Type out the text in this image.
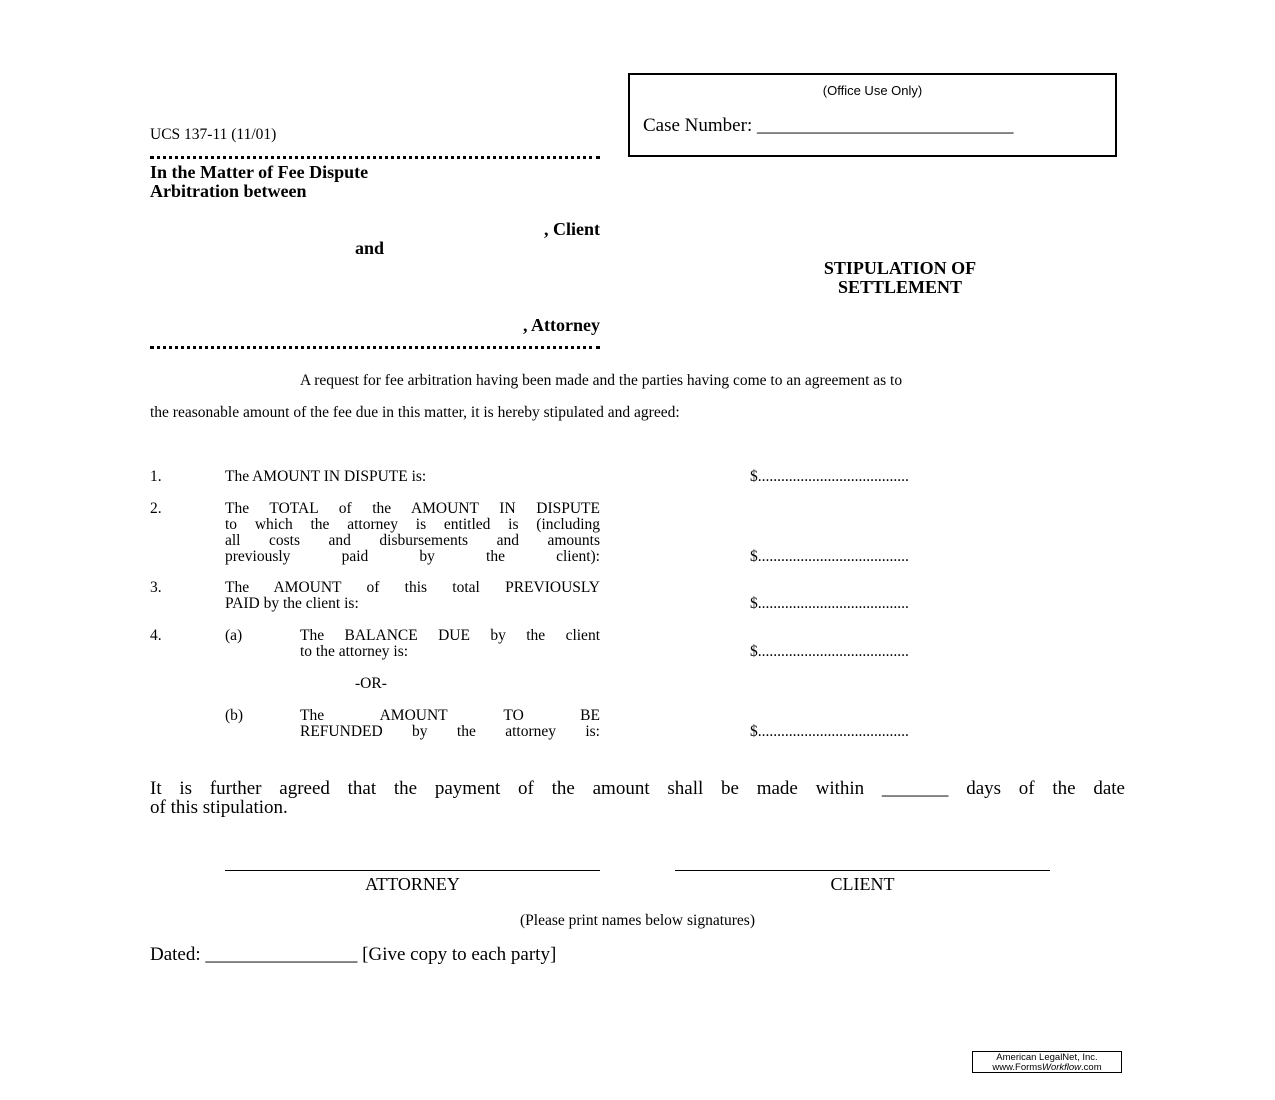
(Office Use Only)
Case Number: ___________________________
UCS 137-11 (11/01)
In the Matter of Fee Dispute
Arbitration between
, Client
and
, Attorney
STIPULATION OF
SETTLEMENT
A request for fee arbitration having been made and the parties having come to an agreement as to
the reasonable amount of the fee due in this matter, it is hereby stipulated and agreed:
1.	The AMOUNT IN DISPUTE is:	$.......................................
2.	The TOTAL of the AMOUNT IN DISPUTE
to which the attorney is entitled is (including
all costs and disbursements and amounts
previously paid by the client):	$.......................................
3.	The AMOUNT of this total PREVIOUSLY
PAID by the client is:	$.......................................
4.	(a)	The BALANCE DUE by the client
to the attorney is:	$.......................................
-OR-
(b)	The AMOUNT TO BE
REFUNDED by the attorney is:	$.......................................
It is further agreed that the payment of the amount shall be made within _______ days of the date
of this stipulation.
ATTORNEY	CLIENT
(Please print names below signatures)
Dated: ________________ [Give copy to each party]
American LegalNet, Inc.
www.FormsWorkflow.com
